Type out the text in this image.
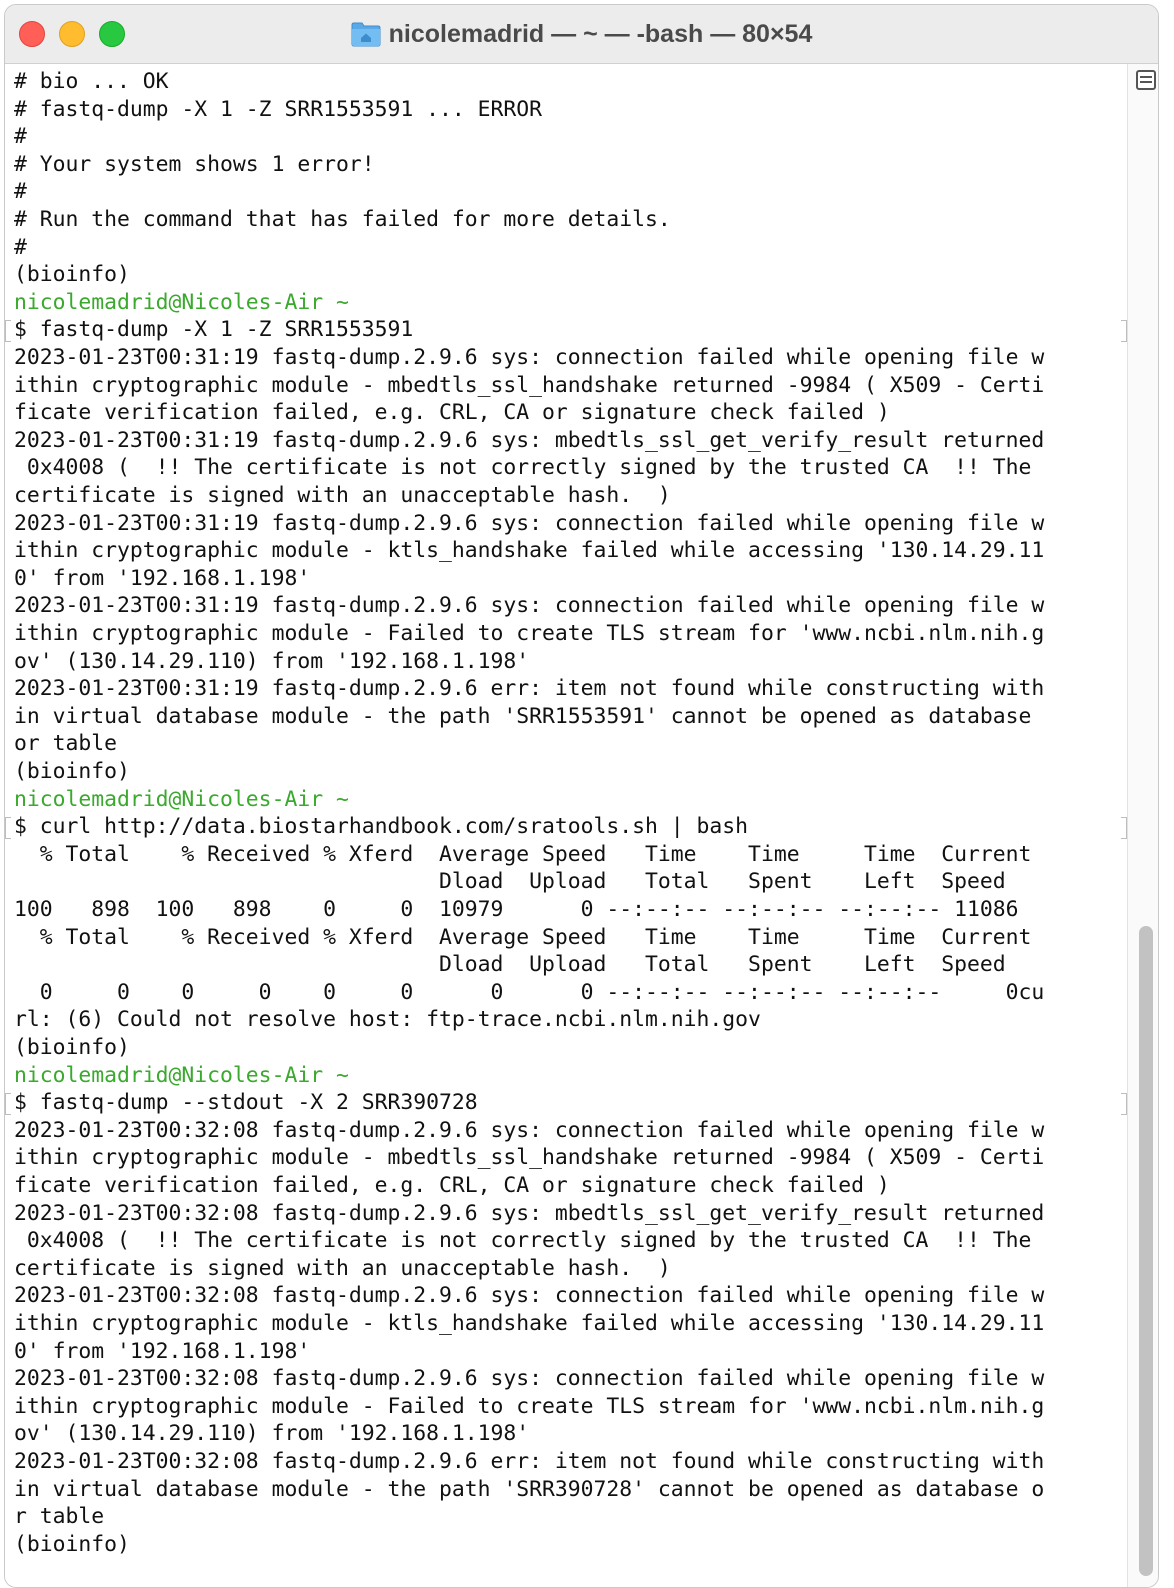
nicolemadrid — ~ — -bash — 80×54
# bio ... OK
# fastq-dump -X 1 -Z SRR1553591 ... ERROR
#
# Your system shows 1 error!
#
# Run the command that has failed for more details.
#
(bioinfo)
nicolemadrid@Nicoles-Air ~
$ fastq-dump -X 1 -Z SRR1553591
2023-01-23T00:31:19 fastq-dump.2.9.6 sys: connection failed while opening file w
ithin cryptographic module - mbedtls_ssl_handshake returned -9984 ( X509 - Certi
ficate verification failed, e.g. CRL, CA or signature check failed )
2023-01-23T00:31:19 fastq-dump.2.9.6 sys: mbedtls_ssl_get_verify_result returned
0x4008 (  !! The certificate is not correctly signed by the trusted CA  !! The
certificate is signed with an unacceptable hash.  )
2023-01-23T00:31:19 fastq-dump.2.9.6 sys: connection failed while opening file w
ithin cryptographic module - ktls_handshake failed while accessing '130.14.29.11
0' from '192.168.1.198'
2023-01-23T00:31:19 fastq-dump.2.9.6 sys: connection failed while opening file w
ithin cryptographic module - Failed to create TLS stream for 'www.ncbi.nlm.nih.g
ov' (130.14.29.110) from '192.168.1.198'
2023-01-23T00:31:19 fastq-dump.2.9.6 err: item not found while constructing with
in virtual database module - the path 'SRR1553591' cannot be opened as database
or table
(bioinfo)
nicolemadrid@Nicoles-Air ~
$ curl http://data.biostarhandbook.com/sratools.sh | bash
% Total    % Received % Xferd  Average Speed   Time    Time     Time  Current
Dload  Upload   Total   Spent    Left  Speed
100   898  100   898    0     0  10979      0 --:--:-- --:--:-- --:--:-- 11086
% Total    % Received % Xferd  Average Speed   Time    Time     Time  Current
Dload  Upload   Total   Spent    Left  Speed
0     0    0     0    0     0      0      0 --:--:-- --:--:-- --:--:--     0cu
rl: (6) Could not resolve host: ftp-trace.ncbi.nlm.nih.gov
(bioinfo)
nicolemadrid@Nicoles-Air ~
$ fastq-dump --stdout -X 2 SRR390728
2023-01-23T00:32:08 fastq-dump.2.9.6 sys: connection failed while opening file w
ithin cryptographic module - mbedtls_ssl_handshake returned -9984 ( X509 - Certi
ficate verification failed, e.g. CRL, CA or signature check failed )
2023-01-23T00:32:08 fastq-dump.2.9.6 sys: mbedtls_ssl_get_verify_result returned
0x4008 (  !! The certificate is not correctly signed by the trusted CA  !! The
certificate is signed with an unacceptable hash.  )
2023-01-23T00:32:08 fastq-dump.2.9.6 sys: connection failed while opening file w
ithin cryptographic module - ktls_handshake failed while accessing '130.14.29.11
0' from '192.168.1.198'
2023-01-23T00:32:08 fastq-dump.2.9.6 sys: connection failed while opening file w
ithin cryptographic module - Failed to create TLS stream for 'www.ncbi.nlm.nih.g
ov' (130.14.29.110) from '192.168.1.198'
2023-01-23T00:32:08 fastq-dump.2.9.6 err: item not found while constructing with
in virtual database module - the path 'SRR390728' cannot be opened as database o
r table
(bioinfo)
